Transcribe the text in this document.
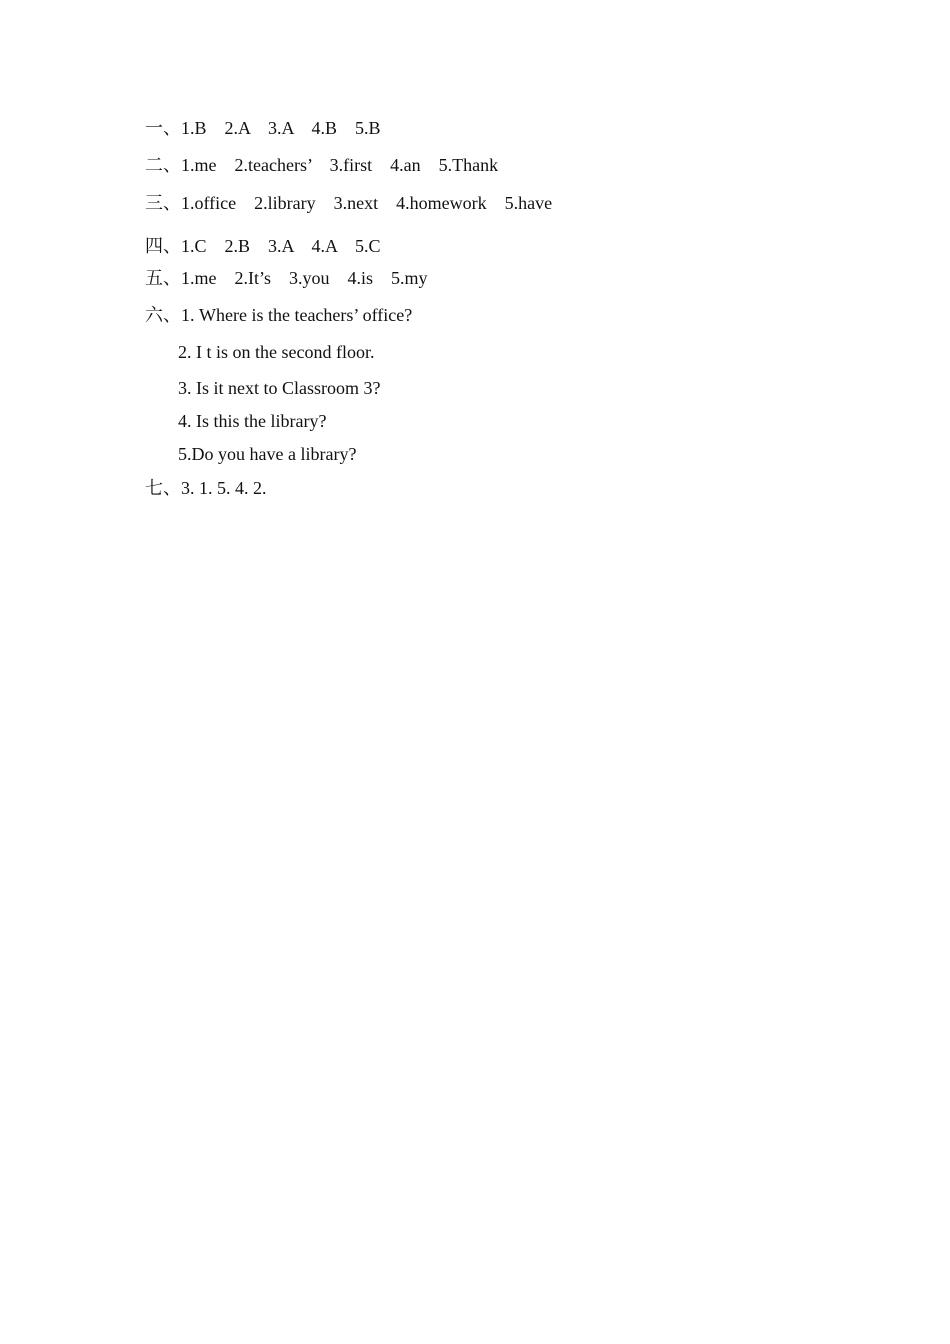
一、1.B    2.A    3.A    4.B    5.B
二、1.me    2.teachers’    3.first    4.an    5.Thank
三、1.office    2.library    3.next    4.homework    5.have
四、1.C    2.B    3.A    4.A    5.C
五、1.me    2.It’s    3.you    4.is    5.my
六、1. Where is the teachers’ office?
2. I t is on the second floor.
3. Is it next to Classroom 3?
4. Is this the library?
5.Do you have a library?
七、3. 1. 5. 4. 2.
